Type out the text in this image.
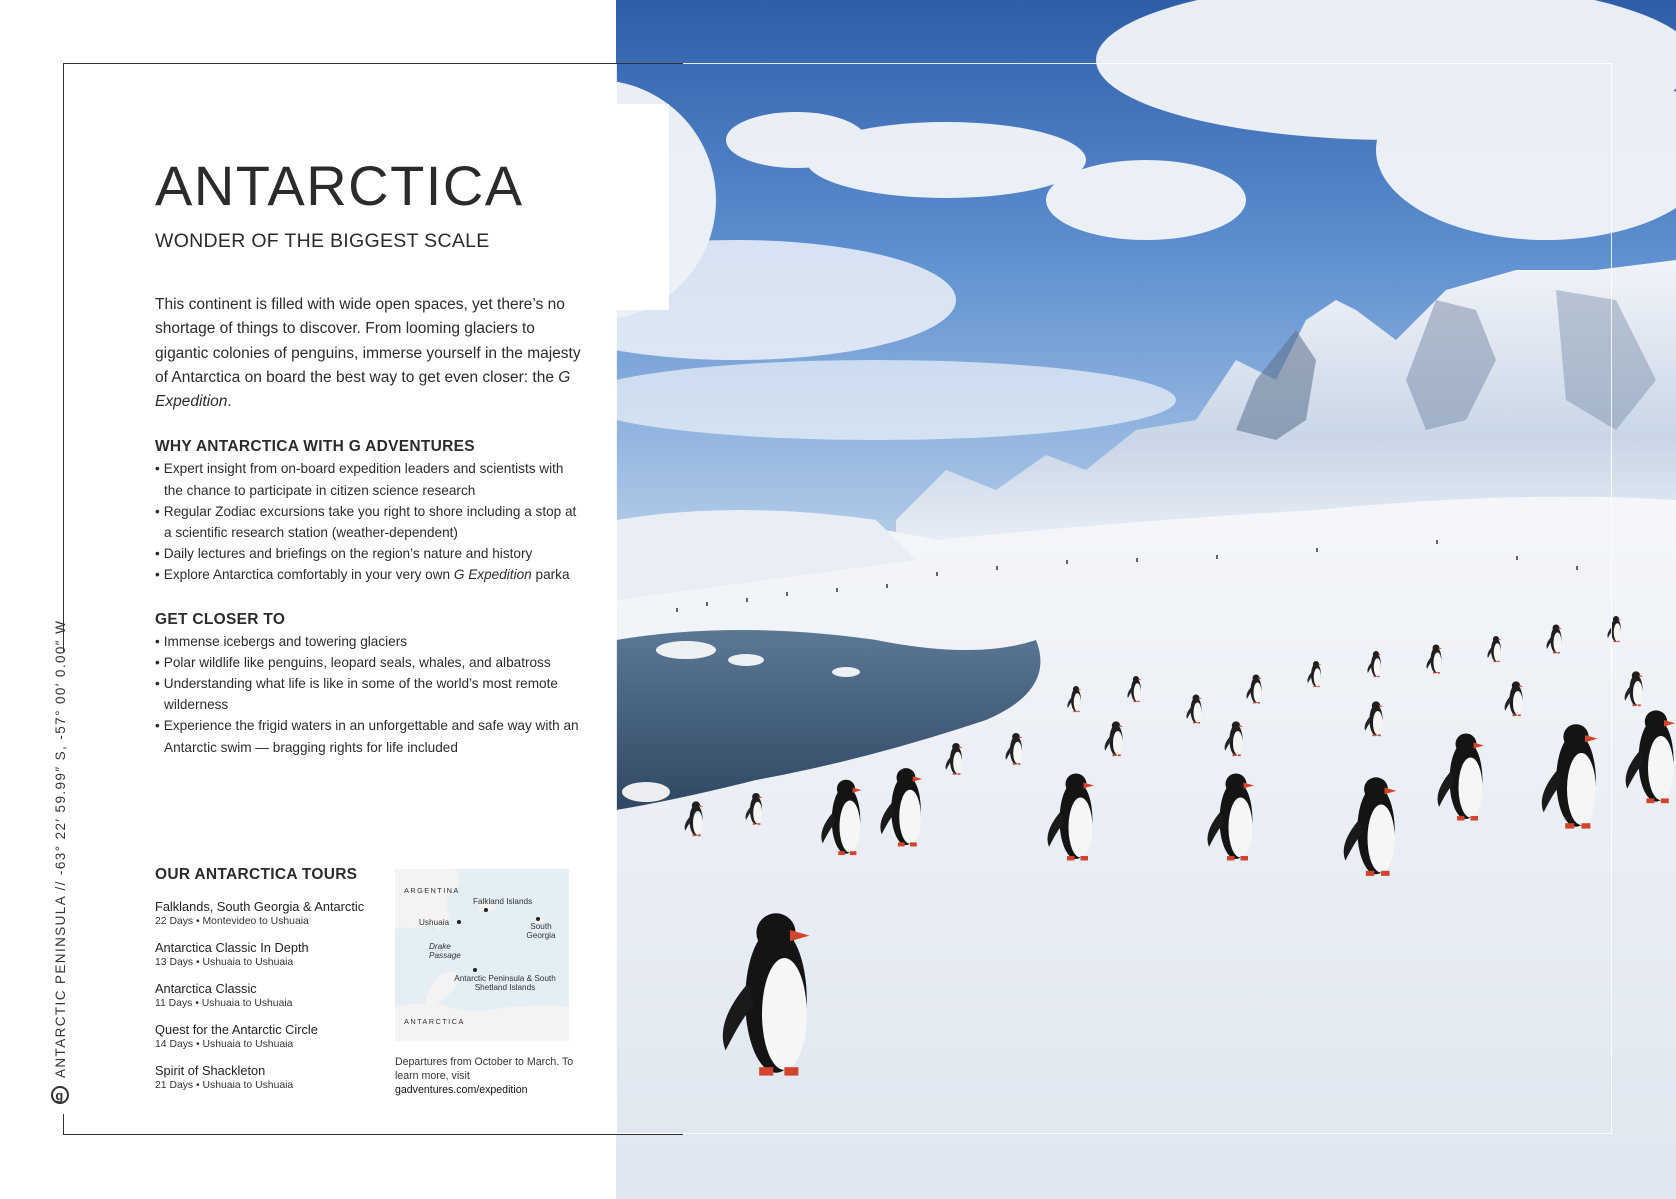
g
ANTARCTIC PENINSULA // -63° 22′ 59.99″ S, -57° 00′ 0.00″ W
ANTARCTICA

WONDER OF THE BIGGEST SCALE

This continent is filled with wide open spaces, yet there’s no shortage of things to discover. From looming glaciers to gigantic colonies of penguins, immerse yourself in the majesty of Antarctica on board the best way to get even closer: the G Expedition.

WHY ANTARCTICA WITH G ADVENTURES
• Expert insight from on-board expedition leaders and scientists with the chance to participate in citizen science research
• Regular Zodiac excursions take you right to shore including a stop at a scientific research station (weather-dependent)
• Daily lectures and briefings on the region’s nature and history
• Explore Antarctica comfortably in your very own G Expedition parka
GET CLOSER TO
• Immense icebergs and towering glaciers
• Polar wildlife like penguins, leopard seals, whales, and albatross
• Understanding what life is like in some of the world’s most remote wilderness
• Experience the frigid waters in an unforgettable and safe way with an Antarctic swim — bragging rights for life included
OUR ANTARCTICA TOURS
Falklands, South Georgia & Antarctic
22 Days • Montevideo to Ushuaia
Antarctica Classic In Depth
13 Days • Ushuaia to Ushuaia
Antarctica Classic
11 Days • Ushuaia to Ushuaia
Quest for the Antarctic Circle
14 Days • Ushuaia to Ushuaia
Spirit of Shackleton
21 Days • Ushuaia to Ushuaia
ARGENTINA
Falkland Islands
Ushuaia	South Georgia
Drake Passage
Antarctic Peninsula & South Shetland Islands
ANTARCTICA
Departures from October to March. To learn more, visit
gadventures.com/expedition
